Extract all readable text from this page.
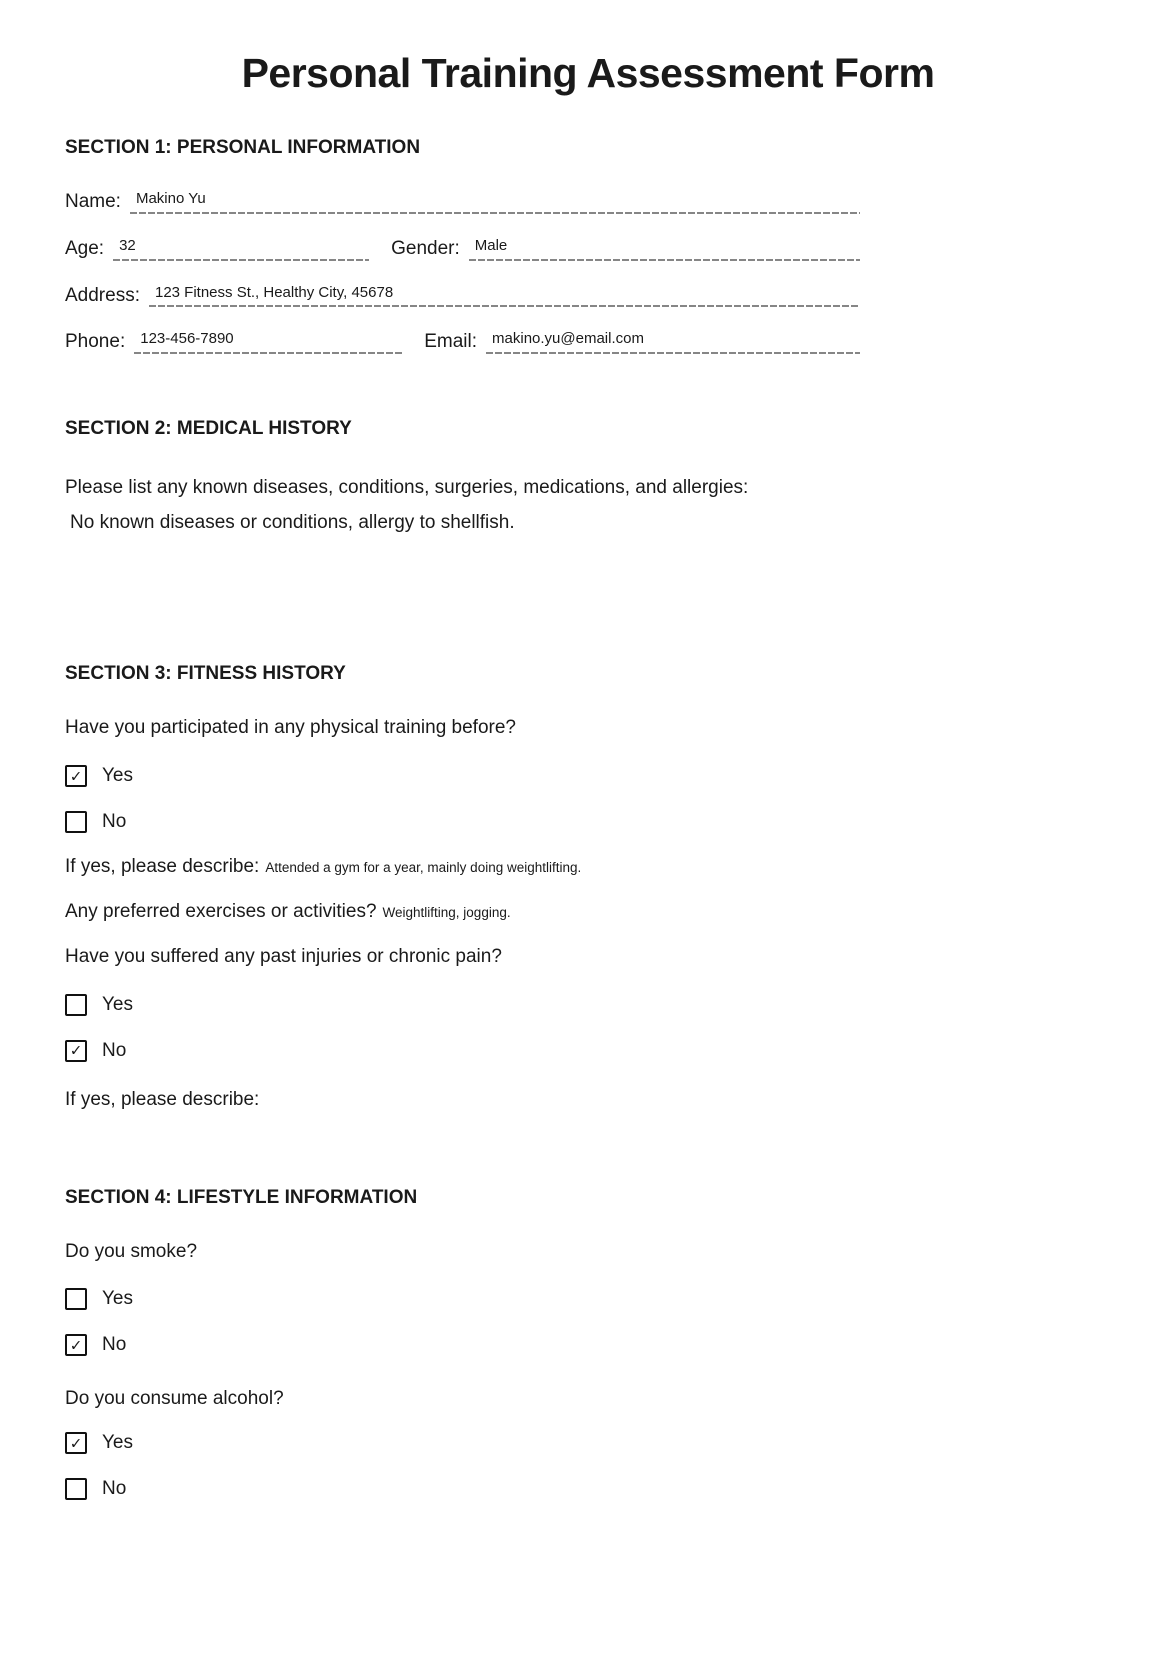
Personal Training Assessment Form
SECTION 1: PERSONAL INFORMATION
Name:	Makino Yu
Age:	32	Gender:	Male
Address:	123 Fitness St., Healthy City, 45678
Phone:	123-456-7890	Email:	makino.yu@email.com
SECTION 2: MEDICAL HISTORY
Please list any known diseases, conditions, surgeries, medications, and allergies:
No known diseases or conditions, allergy to shellfish.
SECTION 3: FITNESS HISTORY
Have you participated in any physical training before?
✓ Yes
No
If yes, please describe: Attended a gym for a year, mainly doing weightlifting.
Any preferred exercises or activities? Weightlifting, jogging.
Have you suffered any past injuries or chronic pain?
Yes
✓ No
If yes, please describe:
SECTION 4: LIFESTYLE INFORMATION
Do you smoke?
Yes
✓ No
Do you consume alcohol?
✓ Yes
No
